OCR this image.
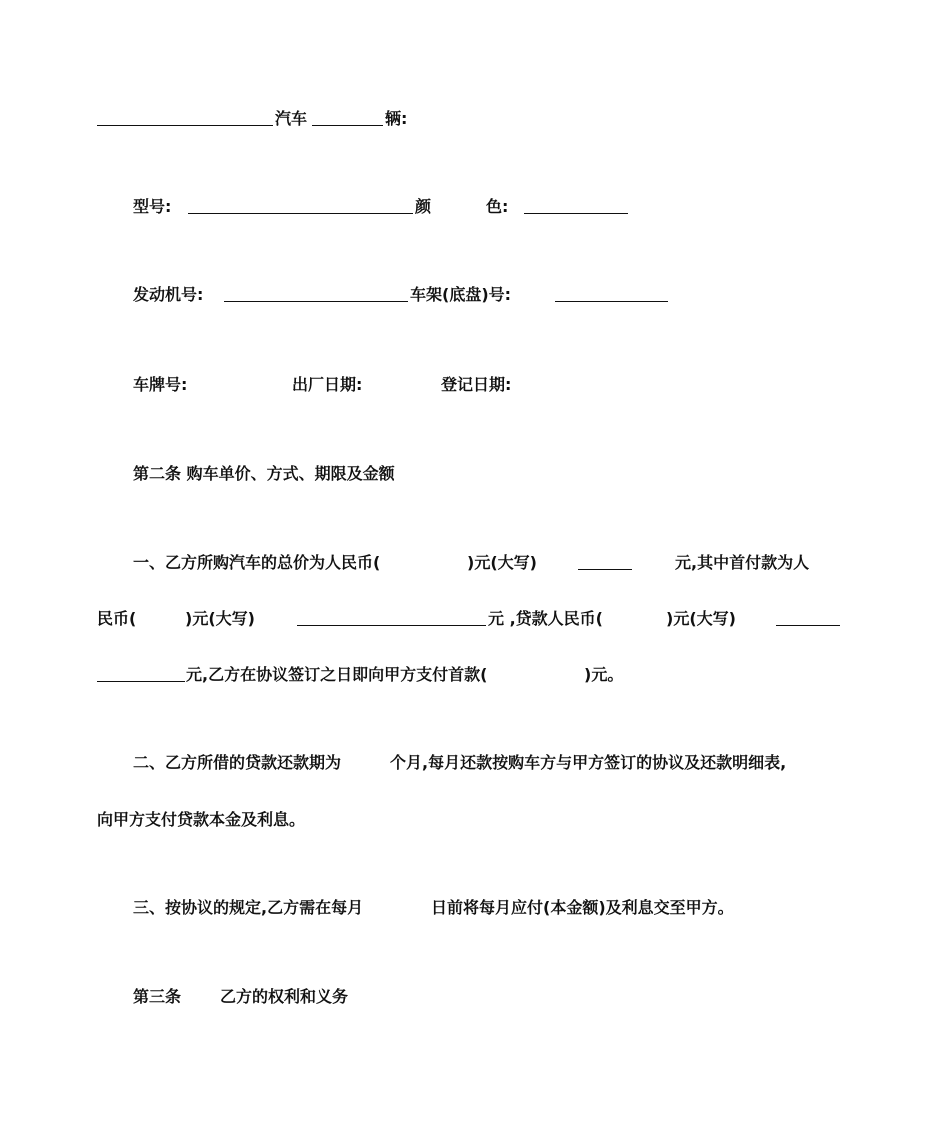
汽车	辆:
型号:	颜	色:
发动机号:	车架(底盘)号:
车牌号:	出厂日期:	登记日期:
第二条 购车单价、方式、期限及金额
一、乙方所购汽车的总价为人民币(	)元(大写)	元,其中首付款为人
民币(	)元(大写)	元 ,贷款人民币(	)元(大写)
元,乙方在协议签订之日即向甲方支付首款(	)元。
二、乙方所借的贷款还款期为	个月,每月还款按购车方与甲方签订的协议及还款明细表,
向甲方支付贷款本金及利息。
三、按协议的规定,乙方需在每月	日前将每月应付(本金额)及利息交至甲方。
第三条 乙方的权利和义务
